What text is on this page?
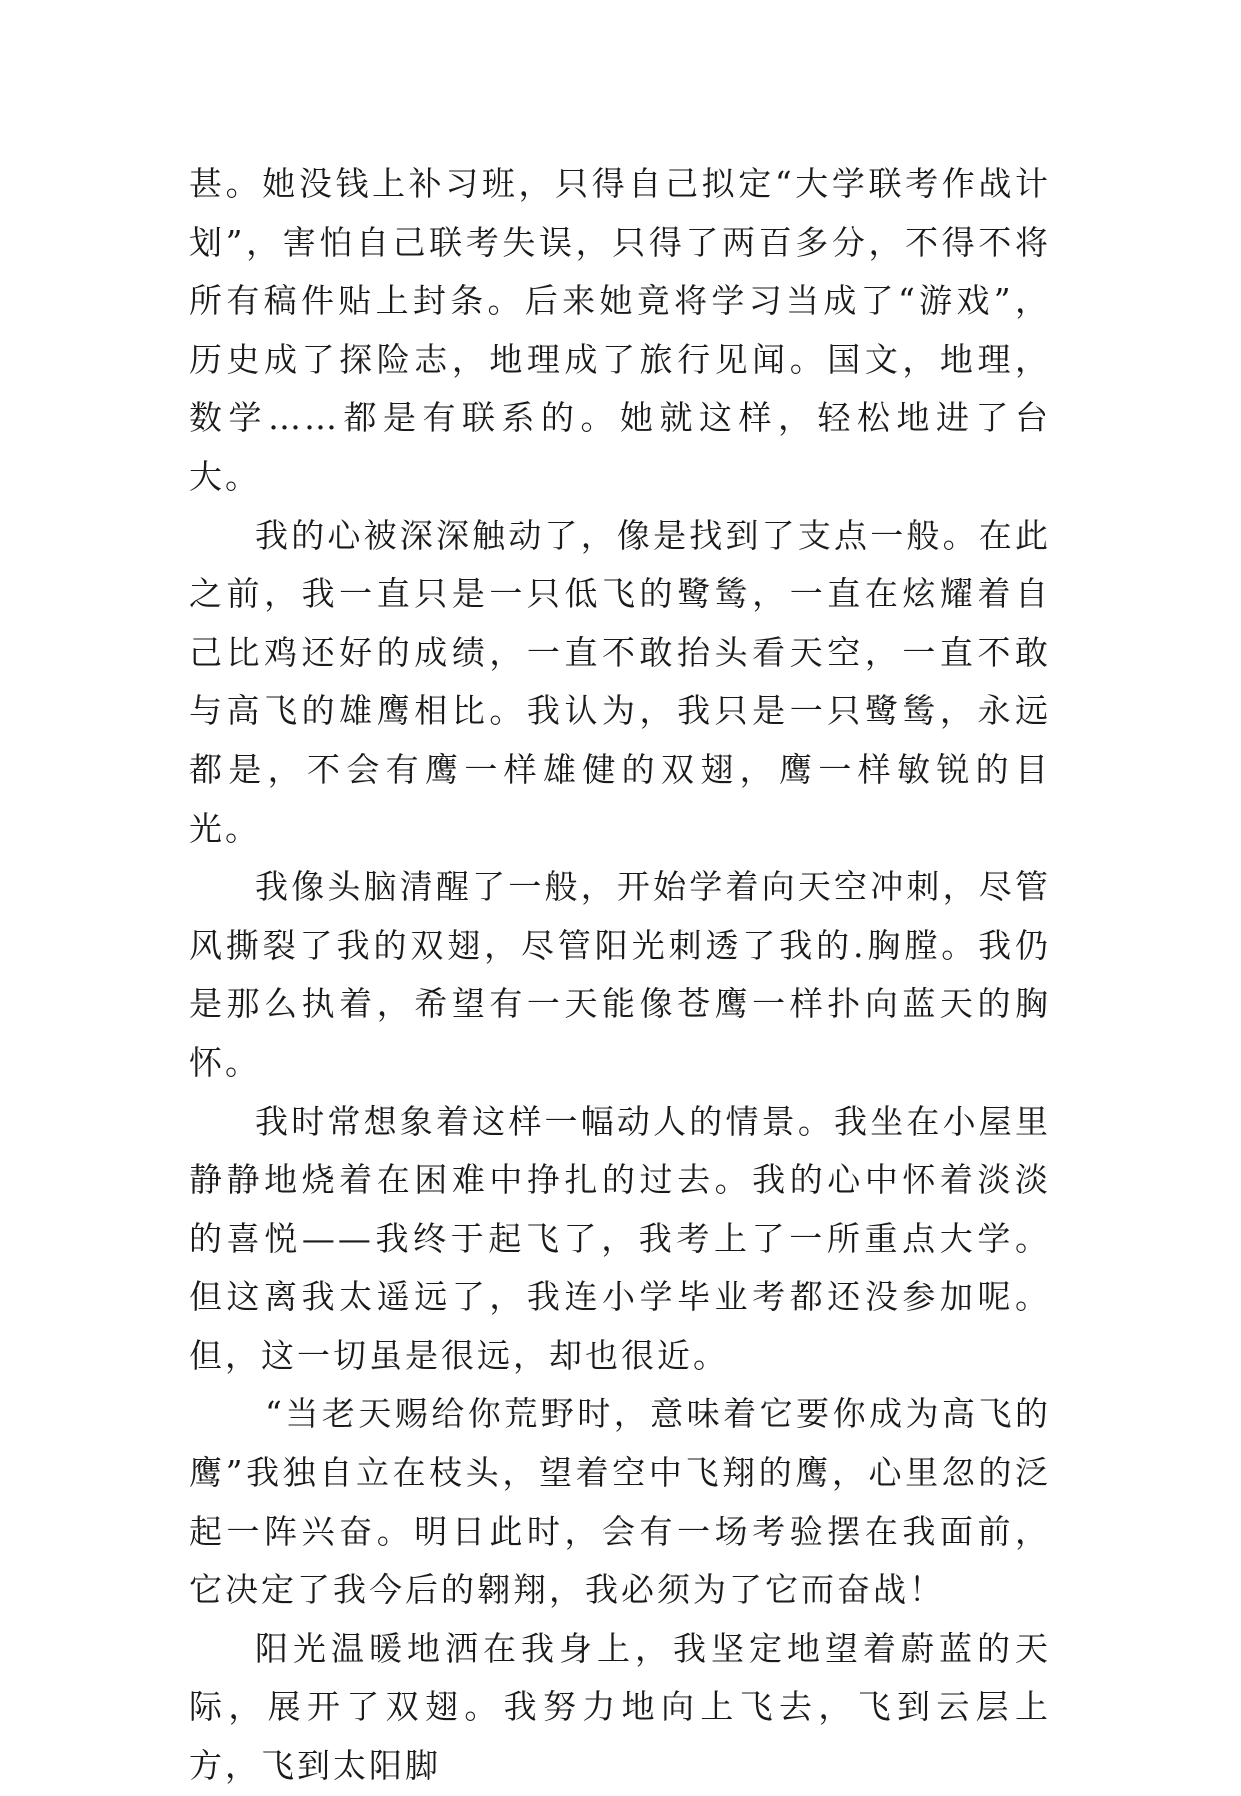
甚。她没钱上补习班，只得自己拟定“大学联考作战计划”，害怕自己联考失误，只得了两百多分，不得不将所有稿件贴上封条。后来她竟将学习当成了“游戏”，历史成了探险志，地理成了旅行见闻。国文，地理，数学……都是有联系的。她就这样，轻松地进了台大。

我的心被深深触动了，像是找到了支点一般。在此之前，我一直只是一只低飞的鹭鸶，一直在炫耀着自己比鸡还好的成绩，一直不敢抬头看天空，一直不敢与高飞的雄鹰相比。我认为，我只是一只鹭鸶，永远都是，不会有鹰一样雄健的双翅，鹰一样敏锐的目光。

我像头脑清醒了一般，开始学着向天空冲刺，尽管风撕裂了我的双翅，尽管阳光刺透了我的.胸膛。我仍是那么执着，希望有一天能像苍鹰一样扑向蓝天的胸怀。

我时常想象着这样一幅动人的情景。我坐在小屋里静静地烧着在困难中挣扎的过去。我的心中怀着淡淡的喜悦——我终于起飞了，我考上了一所重点大学。但这离我太遥远了，我连小学毕业考都还没参加呢。但，这一切虽是很远，却也很近。

“当老天赐给你荒野时，意味着它要你成为高飞的鹰”我独自立在枝头，望着空中飞翔的鹰，心里忽的泛起一阵兴奋。明日此时，会有一场考验摆在我面前，它决定了我今后的翱翔，我必须为了它而奋战！

阳光温暖地洒在我身上，我坚定地望着蔚蓝的天际，展开了双翅。我努力地向上飞去，飞到云层上方，飞到太阳脚
